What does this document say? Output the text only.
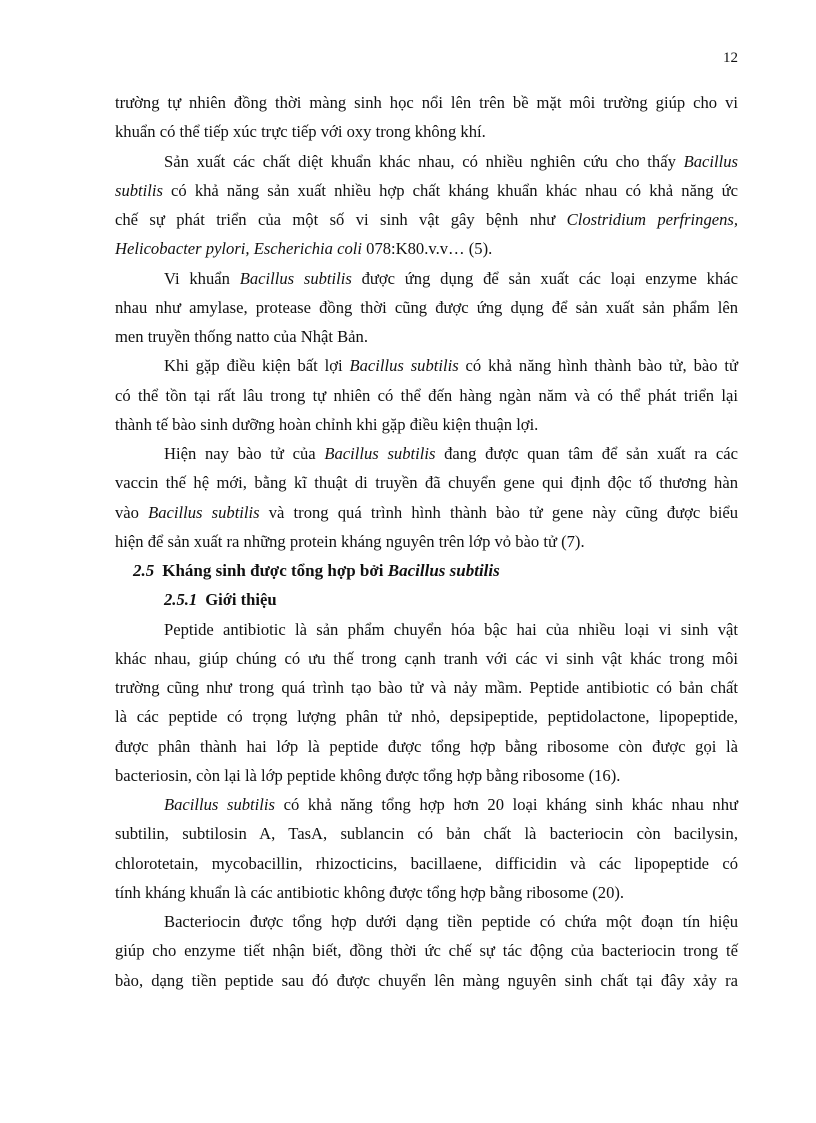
12
trường tự nhiên đồng thời màng sinh học nổi lên trên bề mặt môi trường giúp cho vi
khuẩn có thể tiếp xúc trực tiếp với oxy trong không khí.
Sản xuất các chất diệt khuẩn khác nhau, có nhiều nghiên cứu cho thấy Bacillus
subtilis có khả năng sản xuất nhiều hợp chất kháng khuẩn khác nhau có khả năng ức
chế sự phát triển của một số vi sinh vật gây bệnh như Clostridium perfringens,
Helicobacter pylori, Escherichia coli 078:K80.v.v… (5).
Vi khuẩn Bacillus subtilis được ứng dụng để sản xuất các loại enzyme khác
nhau như amylase, protease đồng thời cũng được ứng dụng để sản xuất sản phẩm lên
men truyền thống natto của Nhật Bản.
Khi gặp điều kiện bất lợi Bacillus subtilis có khả năng hình thành bào tử, bào tử
có thể tồn tại rất lâu trong tự nhiên có thể đến hàng ngàn năm và có thể phát triển lại
thành tế bào sinh dưỡng hoàn chỉnh khi gặp điều kiện thuận lợi.
Hiện nay bào tử của Bacillus subtilis đang được quan tâm để sản xuất ra các
vaccin thế hệ mới, bằng kĩ thuật di truyền đã chuyển gene qui định độc tố thương hàn
vào Bacillus subtilis và trong quá trình hình thành bào tử gene này cũng được biểu
hiện để sản xuất ra những protein kháng nguyên trên lớp vỏ bào tử (7).
2.5 Kháng sinh được tổng hợp bởi Bacillus subtilis
2.5.1 Giới thiệu
Peptide antibiotic là sản phẩm chuyển hóa bậc hai của nhiều loại vi sinh vật
khác nhau, giúp chúng có ưu thế trong cạnh tranh với các vi sinh vật khác trong môi
trường cũng như trong quá trình tạo bào tử và nảy mầm. Peptide antibiotic có bản chất
là các peptide có trọng lượng phân tử nhỏ, depsipeptide, peptidolactone, lipopeptide,
được phân thành hai lớp là peptide được tổng hợp bằng ribosome còn được gọi là
bacteriosin, còn lại là lớp peptide không được tổng hợp bằng ribosome (16).
Bacillus subtilis có khả năng tổng hợp hơn 20 loại kháng sinh khác nhau như
subtilin, subtilosin A, TasA, sublancin có bản chất là bacteriocin còn bacilysin,
chlorotetain, mycobacillin, rhizocticins, bacillaene, difficidin và các lipopeptide có
tính kháng khuẩn là các antibiotic không được tổng hợp bằng ribosome (20).
Bacteriocin được tổng hợp dưới dạng tiền peptide có chứa một đoạn tín hiệu
giúp cho enzyme tiết nhận biết, đồng thời ức chế sự tác động của bacteriocin trong tế
bào, dạng tiền peptide sau đó được chuyển lên màng nguyên sinh chất tại đây xảy ra
